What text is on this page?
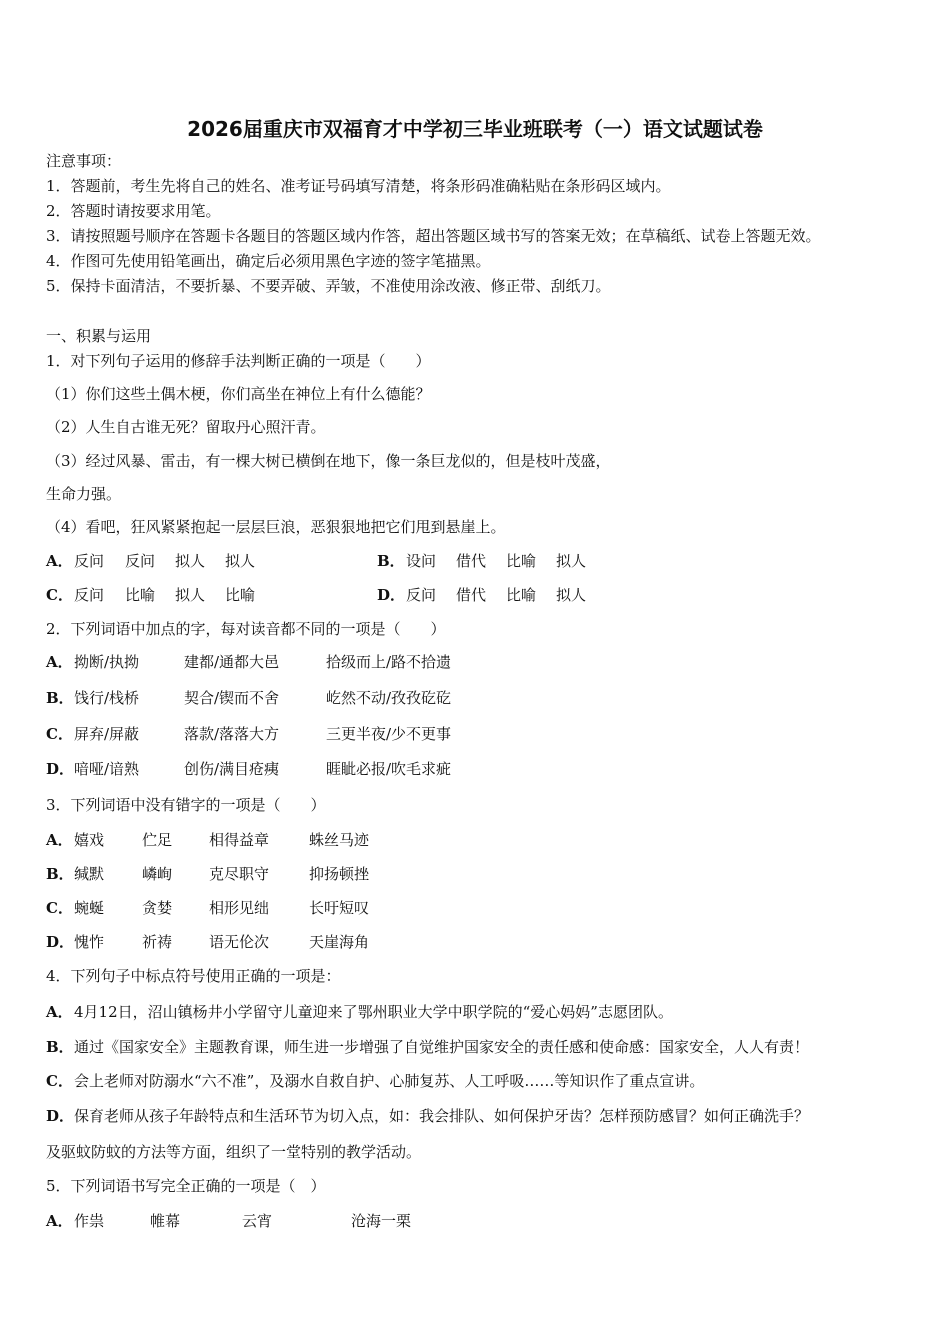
2026届重庆市双福育才中学初三毕业班联考（一）语文试题试卷
注意事项：
1．答题前，考生先将自己的姓名、准考证号码填写清楚，将条形码准确粘贴在条形码区域内。
2．答题时请按要求用笔。
3．请按照题号顺序在答题卡各题目的答题区域内作答，超出答题区域书写的答案无效；在草稿纸、试卷上答题无效。
4．作图可先使用铅笔画出，确定后必须用黑色字迹的签字笔描黑。
5．保持卡面清洁，不要折暴、不要弄破、弄皱，不准使用涂改液、修正带、刮纸刀。
一、积累与运用
1．对下列句子运用的修辞手法判断正确的一项是（　　）
（1）你们这些土偶木梗，你们高坐在神位上有什么德能？
（2）人生自古谁无死？留取丹心照汗青。
（3）经过风暴、雷击，有一棵大树已横倒在地下，像一条巨龙似的，但是枝叶茂盛，
生命力强。
（4）看吧，狂风紧紧抱起一层层巨浪，恶狠狠地把它们甩到悬崖上。
A． 反问 反问 拟人 拟人	B． 设问 借代 比喻 拟人
C． 反问 比喻 拟人 比喻	D． 反问 借代 比喻 拟人
2．下列词语中加点的字，每对读音都不同的一项是（　　）
A． 拗断/执拗	建都/通都大邑	拾级而上/路不拾遗
B． 饯行/栈桥	契合/锲而不舍	屹然不动/孜孜矻矻
C． 屏弃/屏蔽	落款/落落大方	三更半夜/少不更事
D． 喑哑/谙熟	创伤/满目疮痍	睚眦必报/吹毛求疵
3．下列词语中没有错字的一项是（　　）
A． 嬉戏	伫足 相得益章	蛛丝马迹
B． 缄默	嶙峋 克尽职守	抑扬顿挫
C． 蜿蜒	贪婪 相形见绌	长吁短叹
D． 愧怍	祈祷 语无伦次	天崖海角
4．下列句子中标点符号使用正确的一项是：
A． 4月12日，沼山镇杨井小学留守儿童迎来了鄂州职业大学中职学院的“爱心妈妈”志愿团队。
B． 通过《国家安全》主题教育课，师生进一步增强了自觉维护国家安全的责任感和使命感：国家安全，人人有责！
C． 会上老师对防溺水“六不准”，及溺水自救自护、心肺复苏、人工呼吸……等知识作了重点宣讲。
D． 保育老师从孩子年龄特点和生活环节为切入点，如：我会排队、如何保护牙齿？怎样预防感冒？如何正确洗手？
及驱蚊防蚊的方法等方面，组织了一堂特别的教学活动。
5．下列词语书写完全正确的一项是（　）
A． 作祟	帷幕	云宵	沧海一栗
